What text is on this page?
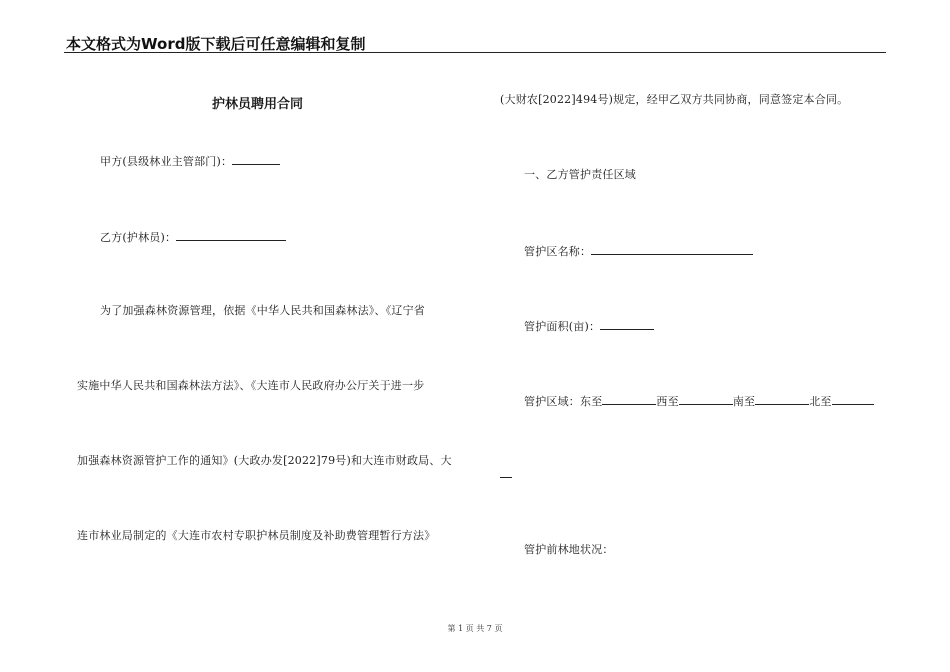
本文格式为Word版下载后可任意编辑和复制
护林员聘用合同
甲方(县级林业主管部门)：
乙方(护林员)：
为了加强森林资源管理，依据《中华人民共和国森林法》、《辽宁省
实施中华人民共和国森林法方法》、《大连市人民政府办公厅关于进一步
加强森林资源管护工作的通知》(大政办发[2022]79号)和大连市财政局、大
连市林业局制定的《大连市农村专职护林员制度及补助费管理暂行方法》
(大财农[2022]494号)规定，经甲乙双方共同协商，同意签定本合同。
一、乙方管护责任区域
管护区名称：
管护面积(亩)：
管护区域：东至	西至	南至	北至
管护前林地状况：
第 1 页 共 7 页
